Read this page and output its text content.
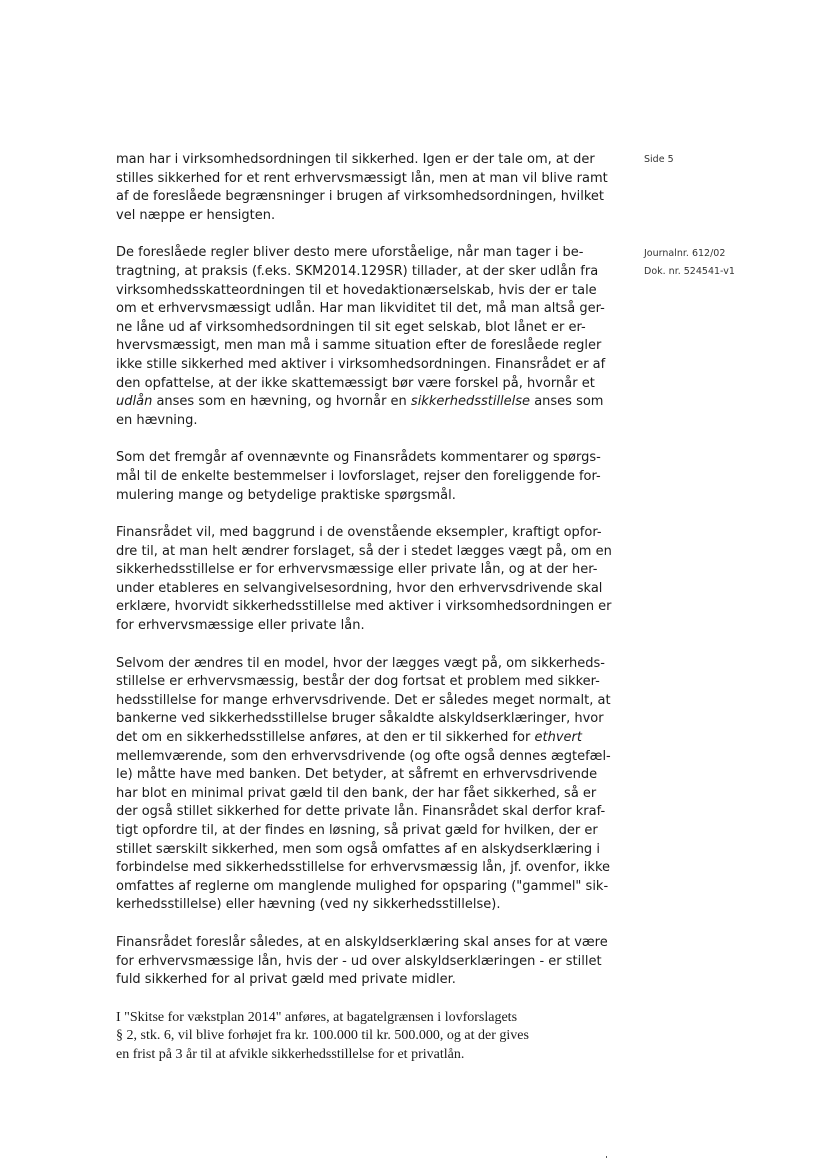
Side 5
Journalnr. 612/02
Dok. nr. 524541-v1

man har i virksomhedsordningen til sikkerhed. Igen er der tale om, at der
stilles sikkerhed for et rent erhvervsmæssigt lån, men at man vil blive ramt
af de foreslåede begrænsninger i brugen af virksomhedsordningen, hvilket
vel næppe er hensigten.

De foreslåede regler bliver desto mere uforståelige, når man tager i be-
tragtning, at praksis (f.eks. SKM2014.129SR) tillader, at der sker udlån fra
virksomhedsskatteordningen til et hovedaktionærselskab, hvis der er tale
om et erhvervsmæssigt udlån. Har man likviditet til det, må man altså ger-
ne låne ud af virksomhedsordningen til sit eget selskab, blot lånet er er-
hvervsmæssigt, men man må i samme situation efter de foreslåede regler
ikke stille sikkerhed med aktiver i virksomhedsordningen. Finansrådet er af
den opfattelse, at der ikke skattemæssigt bør være forskel på, hvornår et
udlån anses som en hævning, og hvornår en sikkerhedsstillelse anses som
en hævning.

Som det fremgår af ovennævnte og Finansrådets kommentarer og spørgs-
mål til de enkelte bestemmelser i lovforslaget, rejser den foreliggende for-
mulering mange og betydelige praktiske spørgsmål.

Finansrådet vil, med baggrund i de ovenstående eksempler, kraftigt opfor-
dre til, at man helt ændrer forslaget, så der i stedet lægges vægt på, om en
sikkerhedsstillelse er for erhvervsmæssige eller private lån, og at der her-
under etableres en selvangivelsesordning, hvor den erhvervsdrivende skal
erklære, hvorvidt sikkerhedsstillelse med aktiver i virksomhedsordningen er
for erhvervsmæssige eller private lån.

Selvom der ændres til en model, hvor der lægges vægt på, om sikkerheds-
stillelse er erhvervsmæssig, består der dog fortsat et problem med sikker-
hedsstillelse for mange erhvervsdrivende. Det er således meget normalt, at
bankerne ved sikkerhedsstillelse bruger såkaldte alskyldserklæringer, hvor
det om en sikkerhedsstillelse anføres, at den er til sikkerhed for ethvert
mellemværende, som den erhvervsdrivende (og ofte også dennes ægtefæl-
le) måtte have med banken. Det betyder, at såfremt en erhvervsdrivende
har blot en minimal privat gæld til den bank, der har fået sikkerhed, så er
der også stillet sikkerhed for dette private lån. Finansrådet skal derfor kraf-
tigt opfordre til, at der findes en løsning, så privat gæld for hvilken, der er
stillet særskilt sikkerhed, men som også omfattes af en alskydserklæring i
forbindelse med sikkerhedsstillelse for erhvervsmæssig lån, jf. ovenfor, ikke
omfattes af reglerne om manglende mulighed for opsparing ("gammel" sik-
kerhedsstillelse) eller hævning (ved ny sikkerhedsstillelse).

Finansrådet foreslår således, at en alskyldserklæring skal anses for at være
for erhvervsmæssige lån, hvis der - ud over alskyldserklæringen - er stillet
fuld sikkerhed for al privat gæld med private midler.

I "Skitse for vækstplan 2014" anføres, at bagatelgrænsen i lovforslagets
§ 2, stk. 6, vil blive forhøjet fra kr. 100.000 til kr. 500.000, og at der gives
en frist på 3 år til at afvikle sikkerhedsstillelse for et privatlån.
